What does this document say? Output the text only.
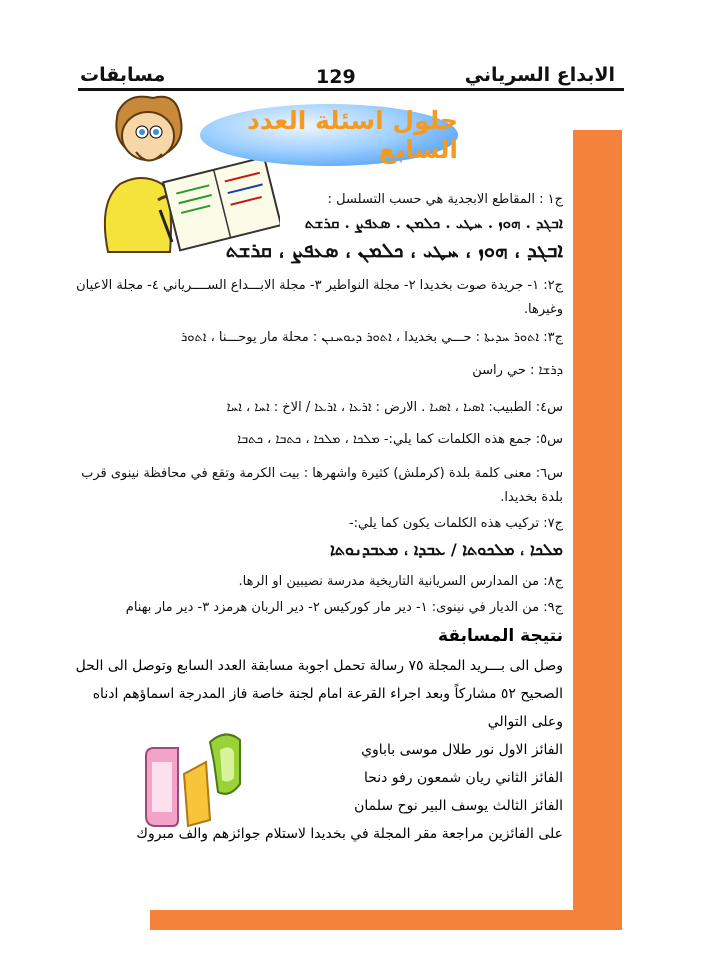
مسابقات	129	الابداع السرياني
حلول اسئلة العدد السابع
ج١ : المقاطع الابجدية هي حسب التسلسل :
ܐܒܓܕ . ܗܘܙ . ܚܛܝ . ܟܠܡܢ . ܣܥܦܨ . ܩܪܫܬ
ܐܒܓܕ ، ܗܘܙ ، ܚܛܝ ، ܟܠܡܢ ، ܣܥܦܨ ، ܩܪܫܬ
ج٢: ١- جريدة صوت بخديدا ٢- مجلة النواطير ٣- مجلة الابـــداع الســــرياني ٤- مجلة الاعيان
وغيرها.
ج٣: ܐܬܘܪ ܚܕܝܬܐ : حـــي بخديدا ، ܐܬܘܪ ܕܝܘܚܢܢ : محلة مار يوحـــنا ، ܐܬܘܪ
ܕܪܫܐ : حي راسن
س٤: الطبيب: ܐܣܝܐ ، ܐܣܝܐ . الارض : ܐܪܥܐ ، ܐܪܥܐ / الاخ : ܐܚܐ ، ܐܚܐ
س٥: جمع هذه الكلمات كما يلي:- ܡܠܟܐ ، ܡܠܟܐ ، ܟܬܒܐ ، ܟܬܒܐ
س٦: معنى كلمة بلدة (كرملش) كثيرة واشهرها : بيت الكرمة وتقع في محافظة نينوى قرب
بلدة بخديدا.
ج٧: تركيب هذه الكلمات يكون كما يلي:-
ܡܠܟܐ ، ܡܠܟܘܬܐ / ܥܒܕܐ ، ܡܥܒܕܢܘܬܐ
ج٨: من المدارس السريانية التاريخية مدرسة نصيبين او الرها.
ج٩: من الديار في نينوى: ١- دير مار كوركيس ٢- دير الربان هرمزد ٣- دير مار بهنام
نتيجة المسابقة
وصل الى بـــريد المجلة ٧٥ رسالة تحمل اجوبة مسابقة العدد السابع وتوصل الى الحل
الصحيح ٥٢ مشاركاً وبعد اجراء القرعة امام لجنة خاصة فاز المدرجة اسماؤهم ادناه
وعلى التوالي
الفائز الاول نور طلال موسى باباوي
الفائز الثاني ريان شمعون رفو دنحا
الفائز الثالث يوسف البير نوح سلمان
على الفائزين مراجعة مقر المجلة في بخديدا لاستلام جوائزهم والف مبروك
